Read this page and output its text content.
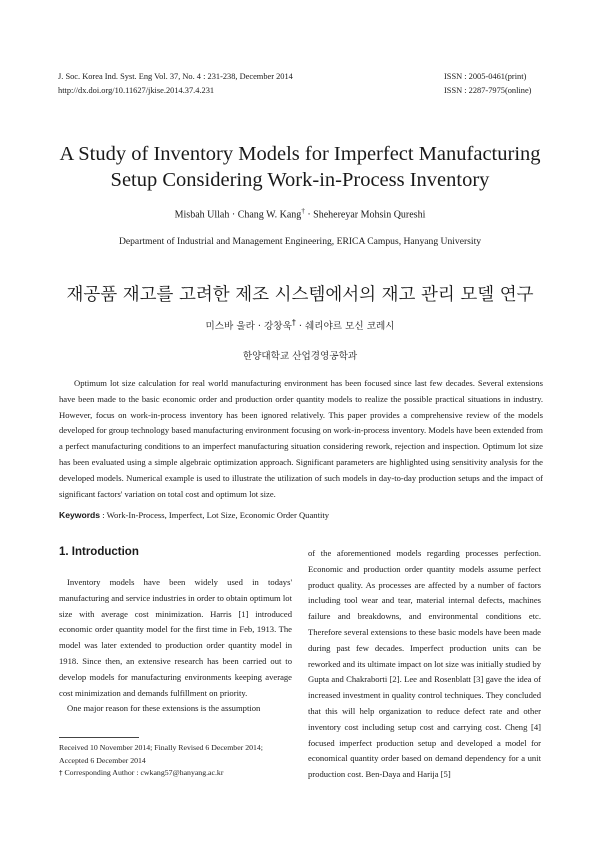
J. Soc. Korea Ind. Syst. Eng Vol. 37, No. 4 : 231-238, December 2014
http://dx.doi.org/10.11627/jkise.2014.37.4.231
ISSN : 2005-0461(print)
ISSN : 2287-7975(online)
A Study of Inventory Models for Imperfect Manufacturing
Setup Considering Work-in-Process Inventory
Misbah Ullah · Chang W. Kang† · Shehereyar Mohsin Qureshi
Department of Industrial and Management Engineering, ERICA Campus, Hanyang University
재공품 재고를 고려한 제조 시스템에서의 재고 관리 모델 연구
미스바 울라 · 강창욱† · 쉐리야르 모신 코레시
한양대학교 산업경영공학과
Optimum lot size calculation for real world manufacturing environment has been focused since last few decades. Several extensions have been made to the basic economic order and production order quantity models to realize the possible practical situations in industry. However, focus on work-in-process inventory has been ignored relatively. This paper provides a comprehensive review of the models developed for group technology based manufacturing environment focusing on work-in-process inventory. Models have been extended from a perfect manufacturing conditions to an imperfect manufacturing situation considering rework, rejection and inspection. Optimum lot size has been evaluated using a simple algebraic optimization approach. Significant parameters are highlighted using sensitivity analysis for the developed models. Numerical example is used to illustrate the utilization of such models in day-to-day production setups and the impact of significant factors' variation on total cost and optimum lot size.
Keywords : Work-In-Process, Imperfect, Lot Size, Economic Order Quantity
1. Introduction

Inventory models have been widely used in todays' manufacturing and service industries in order to obtain optimum lot size with average cost minimization. Harris [1] introduced economic order quantity model for the first time in Feb, 1913. The model was later extended to production order quantity model in 1918. Since then, an extensive research has been carried out to develop models for manufacturing environments keeping average cost minimization and demands fulfillment on priority.

One major reason for these extensions is the assumption

of the aforementioned models regarding processes perfection. Economic and production order quantity models assume perfect product quality. As processes are affected by a number of factors including tool wear and tear, material internal defects, machines failure and breakdowns, and environmental conditions etc. Therefore several extensions to these basic models have been made during past few decades. Imperfect production units can be reworked and its ultimate impact on lot size was initially studied by Gupta and Chakraborti [2]. Lee and Rosenblatt [3] gave the idea of increased investment in quality control techniques. They concluded that this will help organization to reduce defect rate and other inventory cost including setup cost and carrying cost. Cheng [4] focused imperfect production setup and developed a model for economical quantity order based on demand dependency for a unit production cost. Ben-Daya and Harija [5]

Received 10 November 2014; Finally Revised 6 December 2014;
Accepted 6 December 2014
† Corresponding Author : cwkang57@hanyang.ac.kr
